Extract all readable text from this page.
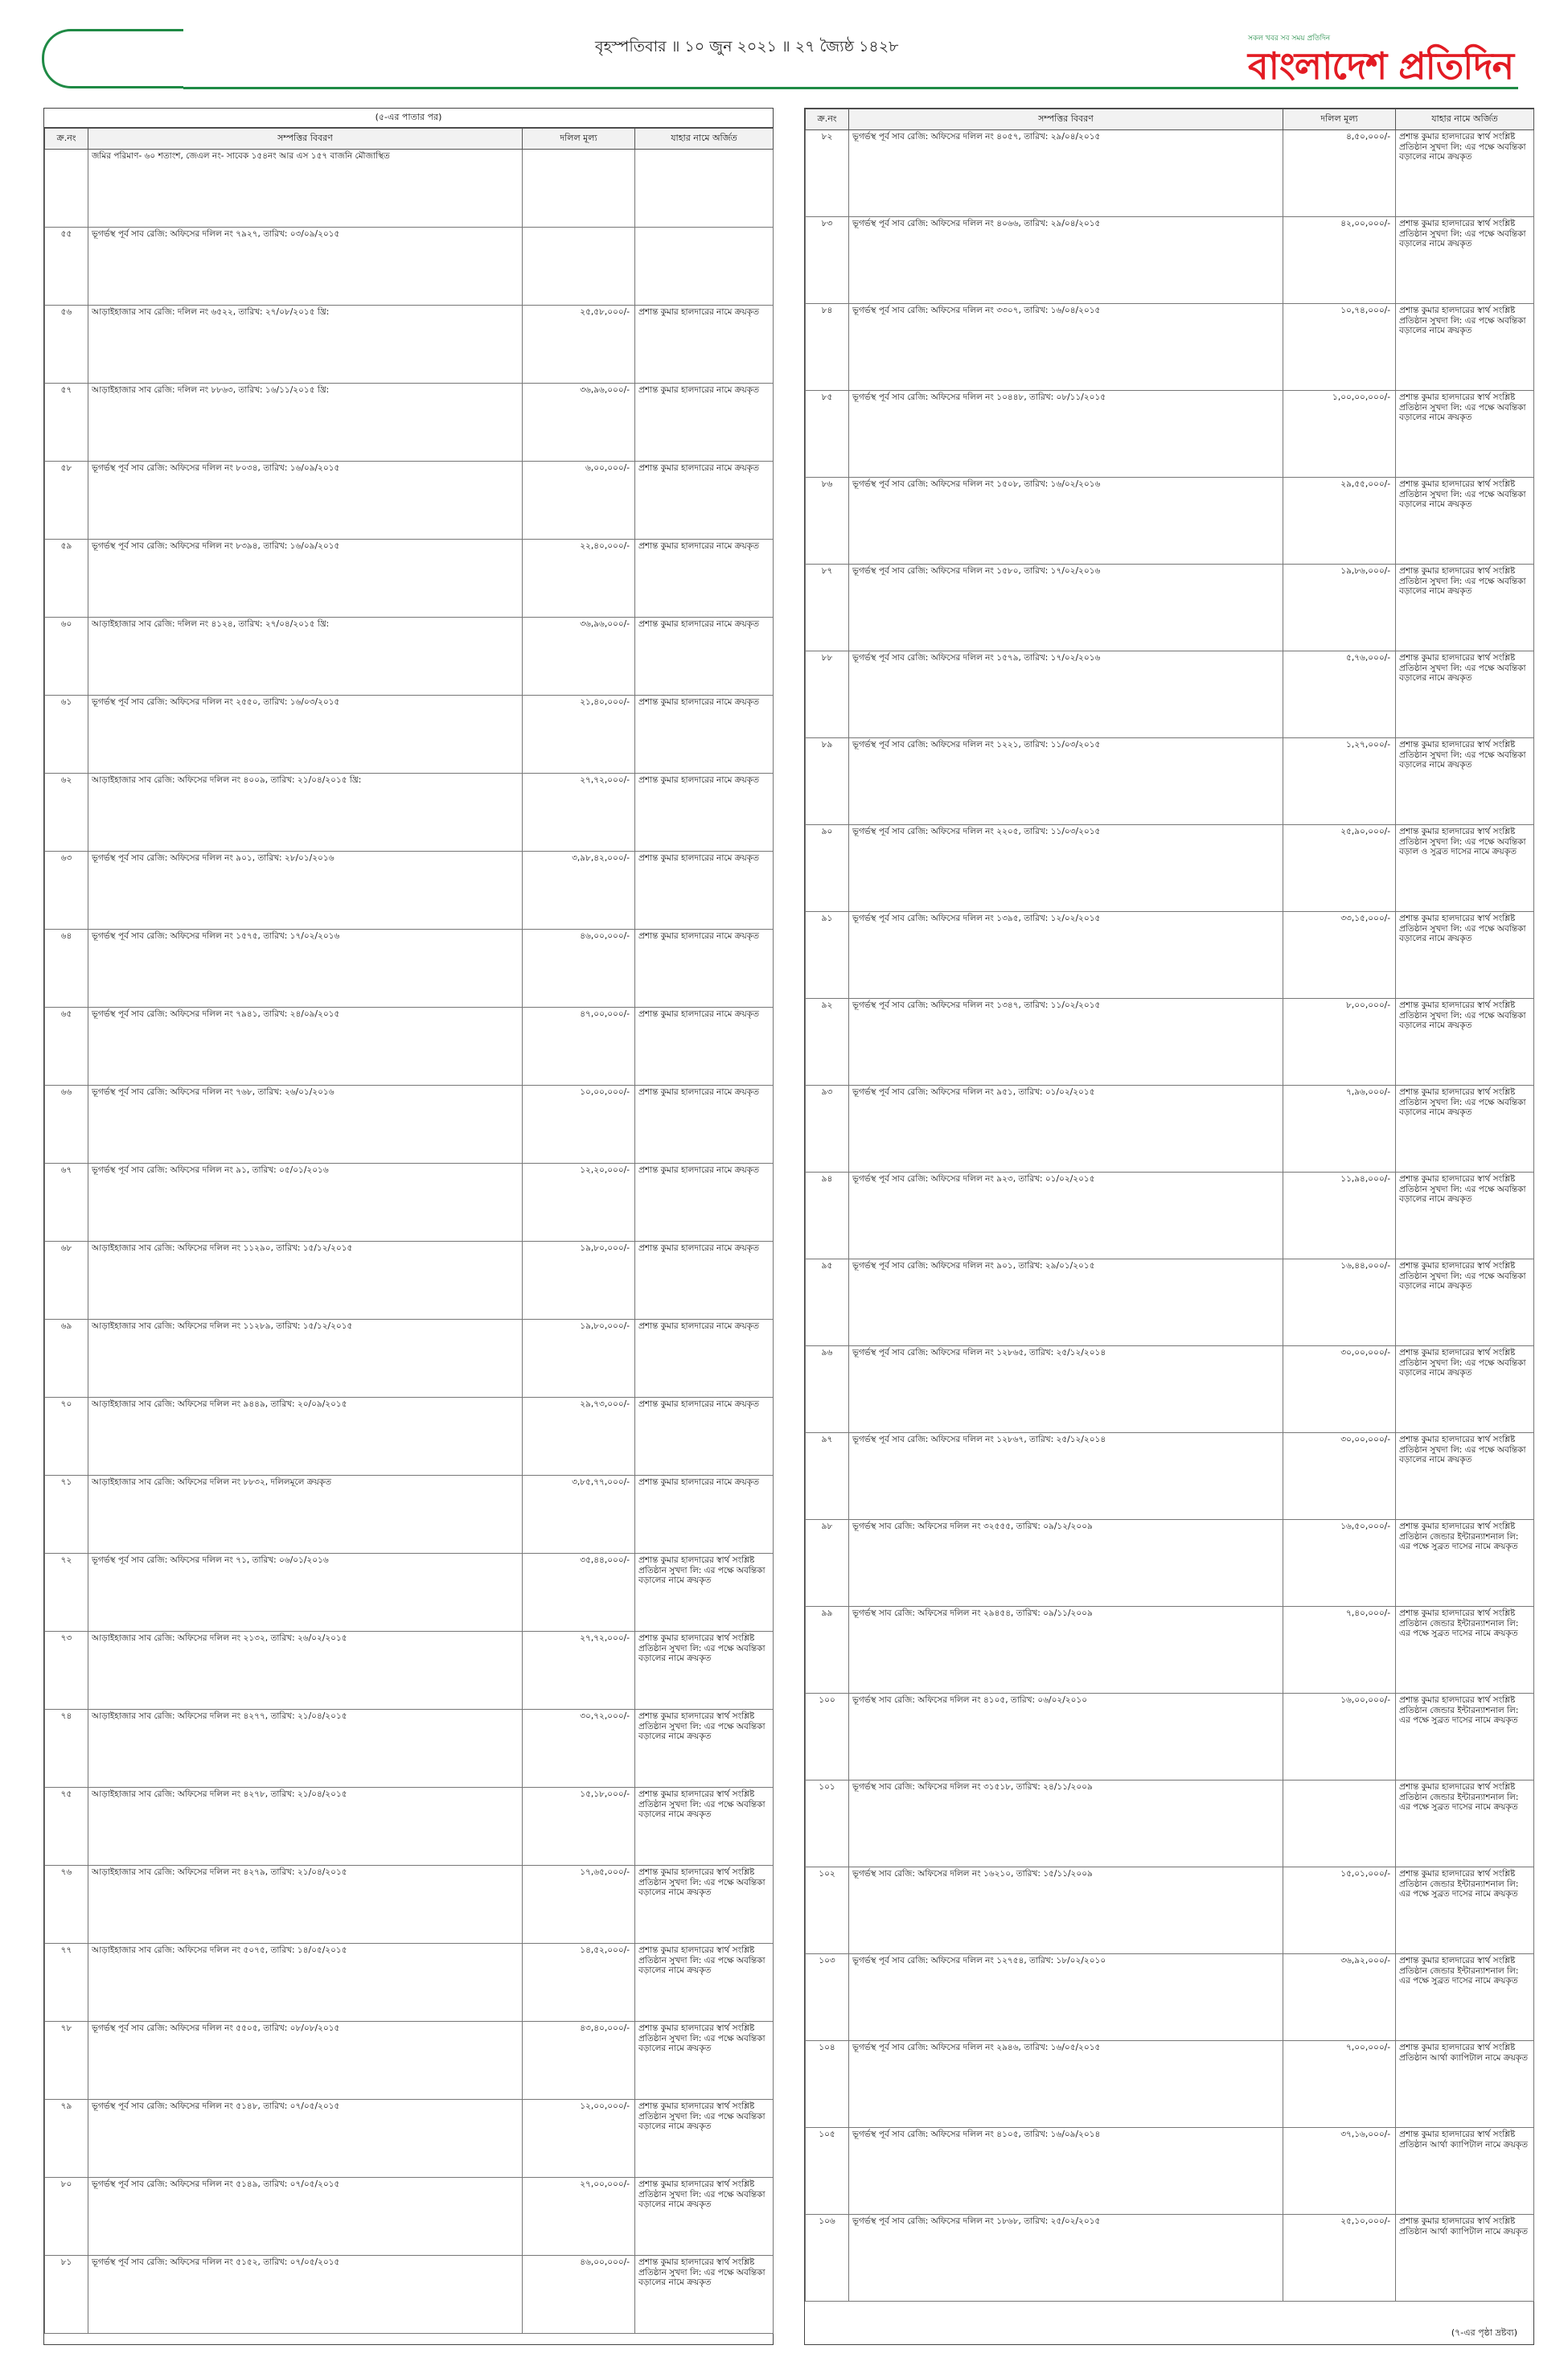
৬	বৃহস্পতিবার ॥ ১০ জুন ২০২১ ॥ ২৭ জ্যৈষ্ঠ ১৪২৮	সকল খবর সব সময় প্রতিদিন
বাংলাদেশ প্রতিদিন
(৫-এর পাতার পর)
ক্র.নং	সম্পত্তির বিবরণ	দলিল মূল্য	যাহার নামে অর্জিত
	জমির পরিমাণ- ৬০ শতাংশ, জেএল নং- সাবেক ১৫৪নং আর এস ১৫৭ বাজনি মৌজাস্থিত		
৫৫	ভূগর্ভস্থ পূর্ব সাব রেজি: অফিসের দলিল নং ৭৯২৭, তারিখ: ০৩/০৯/২০১৫		
৫৬	আড়াইহাজার সাব রেজি: দলিল নং ৬৫২২, তারিখ: ২৭/০৮/২০১৫ খ্রি:	২৫,৫৮,০০০/-	প্রশান্ত কুমার হালদারের নামে ক্রয়কৃত
৫৭	আড়াইহাজার সাব রেজি: দলিল নং ৮৮৬৩, তারিখ: ১৬/১১/২০১৫ খ্রি:	৩৬,৯৬,০০০/-	প্রশান্ত কুমার হালদারের নামে ক্রয়কৃত
৫৮	ভূগর্ভস্থ পূর্ব সাব রেজি: অফিসের দলিল নং ৮০৩৪, তারিখ: ১৬/০৯/২০১৫	৬,০০,০০০/-	প্রশান্ত কুমার হালদারের নামে ক্রয়কৃত
৫৯	ভূগর্ভস্থ পূর্ব সাব রেজি: অফিসের দলিল নং ৮৩৯৪, তারিখ: ১৬/০৯/২০১৫	২২,৪০,০০০/-	প্রশান্ত কুমার হালদারের নামে ক্রয়কৃত
৬০	আড়াইহাজার সাব রেজি: দলিল নং ৪১২৪, তারিখ: ২৭/০৪/২০১৫ খ্রি:	৩৬,৯৬,০০০/-	প্রশান্ত কুমার হালদারের নামে ক্রয়কৃত
৬১	ভূগর্ভস্থ পূর্ব সাব রেজি: অফিসের দলিল নং ২৫৫০, তারিখ: ১৬/০৩/২০১৫	২১,৪০,০০০/-	প্রশান্ত কুমার হালদারের নামে ক্রয়কৃত
৬২	আড়াইহাজার সাব রেজি: অফিসের দলিল নং ৪০০৯, তারিখ: ২১/০৪/২০১৫ খ্রি:	২৭,৭২,০০০/-	প্রশান্ত কুমার হালদারের নামে ক্রয়কৃত
৬৩	ভূগর্ভস্থ পূর্ব সাব রেজি: অফিসের দলিল নং ৯০১, তারিখ: ২৮/০১/২০১৬	৩,৯৮,৪২,০০০/-	প্রশান্ত কুমার হালদারের নামে ক্রয়কৃত
৬৪	ভূগর্ভস্থ পূর্ব সাব রেজি: অফিসের দলিল নং ১৫৭৫, তারিখ: ১৭/০২/২০১৬	৪৬,০০,০০০/-	প্রশান্ত কুমার হালদারের নামে ক্রয়কৃত
৬৫	ভূগর্ভস্থ পূর্ব সাব রেজি: অফিসের দলিল নং ৭৯৪১, তারিখ: ২৪/০৯/২০১৫	৪৭,০০,০০০/-	প্রশান্ত কুমার হালদারের নামে ক্রয়কৃত
৬৬	ভূগর্ভস্থ পূর্ব সাব রেজি: অফিসের দলিল নং ৭৬৮, তারিখ: ২৬/০১/২০১৬	১০,০০,০০০/-	প্রশান্ত কুমার হালদারের নামে ক্রয়কৃত
৬৭	ভূগর্ভস্থ পূর্ব সাব রেজি: অফিসের দলিল নং ৯১, তারিখ: ০৫/০১/২০১৬	১২,২০,০০০/-	প্রশান্ত কুমার হালদারের নামে ক্রয়কৃত
৬৮	আড়াইহাজার সাব রেজি: অফিসের দলিল নং ১১২৯০, তারিখ: ১৫/১২/২০১৫	১৯,৮০,০০০/-	প্রশান্ত কুমার হালদারের নামে ক্রয়কৃত
৬৯	আড়াইহাজার সাব রেজি: অফিসের দলিল নং ১১২৮৯, তারিখ: ১৫/১২/২০১৫	১৯,৮০,০০০/-	প্রশান্ত কুমার হালদারের নামে ক্রয়কৃত
৭০	আড়াইহাজার সাব রেজি: অফিসের দলিল নং ৯৪৪৯, তারিখ: ২০/০৯/২০১৫	২৯,৭৩,০০০/-	প্রশান্ত কুমার হালদারের নামে ক্রয়কৃত
৭১	আড়াইহাজার সাব রেজি: অফিসের দলিল নং ৮৮৩২, দলিলমূলে ক্রয়কৃত	৩,৮৫,৭৭,০০০/-	প্রশান্ত কুমার হালদারের নামে ক্রয়কৃত
৭২	ভূগর্ভস্থ পূর্ব সাব রেজি: অফিসের দলিল নং ৭১, তারিখ: ০৬/০১/২০১৬	৩৫,৪৪,০০০/-	প্রশান্ত কুমার হালদারের স্বার্থ সংশ্লিষ্ট প্রতিষ্ঠান সুখদা লি: এর পক্ষে অবন্তিকা বড়ালের নামে ক্রয়কৃত
৭৩	আড়াইহাজার সাব রেজি: অফিসের দলিল নং ২১৩২, তারিখ: ২৬/০২/২০১৫	২৭,৭২,০০০/-	প্রশান্ত কুমার হালদারের স্বার্থ সংশ্লিষ্ট প্রতিষ্ঠান সুখদা লি: এর পক্ষে অবন্তিকা বড়ালের নামে ক্রয়কৃত
৭৪	আড়াইহাজার সাব রেজি: অফিসের দলিল নং ৪২৭৭, তারিখ: ২১/০৪/২০১৫	৩০,৭২,০০০/-	প্রশান্ত কুমার হালদারের স্বার্থ সংশ্লিষ্ট প্রতিষ্ঠান সুখদা লি: এর পক্ষে অবন্তিকা বড়ালের নামে ক্রয়কৃত
৭৫	আড়াইহাজার সাব রেজি: অফিসের দলিল নং ৪২৭৮, তারিখ: ২১/০৪/২০১৫	১৫,১৮,০০০/-	প্রশান্ত কুমার হালদারের স্বার্থ সংশ্লিষ্ট প্রতিষ্ঠান সুখদা লি: এর পক্ষে অবন্তিকা বড়ালের নামে ক্রয়কৃত
৭৬	আড়াইহাজার সাব রেজি: অফিসের দলিল নং ৪২৭৯, তারিখ: ২১/০৪/২০১৫	১৭,৬৫,০০০/-	প্রশান্ত কুমার হালদারের স্বার্থ সংশ্লিষ্ট প্রতিষ্ঠান সুখদা লি: এর পক্ষে অবন্তিকা বড়ালের নামে ক্রয়কৃত
৭৭	আড়াইহাজার সাব রেজি: অফিসের দলিল নং ৫০৭৫, তারিখ: ১৪/০৫/২০১৫	১৪,৫২,০০০/-	প্রশান্ত কুমার হালদারের স্বার্থ সংশ্লিষ্ট প্রতিষ্ঠান সুখদা লি: এর পক্ষে অবন্তিকা বড়ালের নামে ক্রয়কৃত
৭৮	ভূগর্ভস্থ পূর্ব সাব রেজি: অফিসের দলিল নং ৫৫০৫, তারিখ: ০৮/০৮/২০১৫	৪৩,৪০,০০০/-	প্রশান্ত কুমার হালদারের স্বার্থ সংশ্লিষ্ট প্রতিষ্ঠান সুখদা লি: এর পক্ষে অবন্তিকা বড়ালের নামে ক্রয়কৃত
৭৯	ভূগর্ভস্থ পূর্ব সাব রেজি: অফিসের দলিল নং ৫১৪৮, তারিখ: ০৭/০৫/২০১৫	১২,০০,০০০/-	প্রশান্ত কুমার হালদারের স্বার্থ সংশ্লিষ্ট প্রতিষ্ঠান সুখদা লি: এর পক্ষে অবন্তিকা বড়ালের নামে ক্রয়কৃত
৮০	ভূগর্ভস্থ পূর্ব সাব রেজি: অফিসের দলিল নং ৫১৪৯, তারিখ: ০৭/০৫/২০১৫	২৭,০০,০০০/-	প্রশান্ত কুমার হালদারের স্বার্থ সংশ্লিষ্ট প্রতিষ্ঠান সুখদা লি: এর পক্ষে অবন্তিকা বড়ালের নামে ক্রয়কৃত
৮১	ভূগর্ভস্থ পূর্ব সাব রেজি: অফিসের দলিল নং ৫১৫২, তারিখ: ০৭/০৫/২০১৫	৪৬,০০,০০০/-	প্রশান্ত কুমার হালদারের স্বার্থ সংশ্লিষ্ট প্রতিষ্ঠান সুখদা লি: এর পক্ষে অবন্তিকা বড়ালের নামে ক্রয়কৃত
ক্র.নং	সম্পত্তির বিবরণ	দলিল মূল্য	যাহার নামে অর্জিত
৮২	ভূগর্ভস্থ পূর্ব সাব রেজি: অফিসের দলিল নং ৪০৫৭, তারিখ: ২৯/০৪/২০১৫	৪,৫০,০০০/-	প্রশান্ত কুমার হালদারের স্বার্থ সংশ্লিষ্ট প্রতিষ্ঠান সুখদা লি: এর পক্ষে অবন্তিকা বড়ালের নামে ক্রয়কৃত
৮৩	ভূগর্ভস্থ পূর্ব সাব রেজি: অফিসের দলিল নং ৪০৬৬, তারিখ: ২৯/০৪/২০১৫	৪২,০০,০০০/-	প্রশান্ত কুমার হালদারের স্বার্থ সংশ্লিষ্ট প্রতিষ্ঠান সুখদা লি: এর পক্ষে অবন্তিকা বড়ালের নামে ক্রয়কৃত
৮৪	ভূগর্ভস্থ পূর্ব সাব রেজি: অফিসের দলিল নং ৩৩০৭, তারিখ: ১৬/০৪/২০১৫	১০,৭৪,০০০/-	প্রশান্ত কুমার হালদারের স্বার্থ সংশ্লিষ্ট প্রতিষ্ঠান সুখদা লি: এর পক্ষে অবন্তিকা বড়ালের নামে ক্রয়কৃত
৮৫	ভূগর্ভস্থ পূর্ব সাব রেজি: অফিসের দলিল নং ১০৪৪৮, তারিখ: ০৮/১১/২০১৫	১,০০,০০,০০০/-	প্রশান্ত কুমার হালদারের স্বার্থ সংশ্লিষ্ট প্রতিষ্ঠান সুখদা লি: এর পক্ষে অবন্তিকা বড়ালের নামে ক্রয়কৃত
৮৬	ভূগর্ভস্থ পূর্ব সাব রেজি: অফিসের দলিল নং ১৫০৮, তারিখ: ১৬/০২/২০১৬	২৯,৫৫,০০০/-	প্রশান্ত কুমার হালদারের স্বার্থ সংশ্লিষ্ট প্রতিষ্ঠান সুখদা লি: এর পক্ষে অবন্তিকা বড়ালের নামে ক্রয়কৃত
৮৭	ভূগর্ভস্থ পূর্ব সাব রেজি: অফিসের দলিল নং ১৫৮০, তারিখ: ১৭/০২/২০১৬	১৯,৮৬,০০০/-	প্রশান্ত কুমার হালদারের স্বার্থ সংশ্লিষ্ট প্রতিষ্ঠান সুখদা লি: এর পক্ষে অবন্তিকা বড়ালের নামে ক্রয়কৃত
৮৮	ভূগর্ভস্থ পূর্ব সাব রেজি: অফিসের দলিল নং ১৫৭৯, তারিখ: ১৭/০২/২০১৬	৫,৭৬,০০০/-	প্রশান্ত কুমার হালদারের স্বার্থ সংশ্লিষ্ট প্রতিষ্ঠান সুখদা লি: এর পক্ষে অবন্তিকা বড়ালের নামে ক্রয়কৃত
৮৯	ভূগর্ভস্থ পূর্ব সাব রেজি: অফিসের দলিল নং ১২২১, তারিখ: ১১/০৩/২০১৫	১,২৭,০০০/-	প্রশান্ত কুমার হালদারের স্বার্থ সংশ্লিষ্ট প্রতিষ্ঠান সুখদা লি: এর পক্ষে অবন্তিকা বড়ালের নামে ক্রয়কৃত
৯০	ভূগর্ভস্থ পূর্ব সাব রেজি: অফিসের দলিল নং ২২০৫, তারিখ: ১১/০৩/২০১৫	২৫,৯০,০০০/-	প্রশান্ত কুমার হালদারের স্বার্থ সংশ্লিষ্ট প্রতিষ্ঠান সুখদা লি: এর পক্ষে অবন্তিকা বড়াল ও সুব্রত দাসের নামে ক্রয়কৃত
৯১	ভূগর্ভস্থ পূর্ব সাব রেজি: অফিসের দলিল নং ১৩৯৫, তারিখ: ১২/০২/২০১৫	৩৩,১৫,০০০/-	প্রশান্ত কুমার হালদারের স্বার্থ সংশ্লিষ্ট প্রতিষ্ঠান সুখদা লি: এর পক্ষে অবন্তিকা বড়ালের নামে ক্রয়কৃত
৯২	ভূগর্ভস্থ পূর্ব সাব রেজি: অফিসের দলিল নং ১৩৪৭, তারিখ: ১১/০২/২০১৫	৮,০০,০০০/-	প্রশান্ত কুমার হালদারের স্বার্থ সংশ্লিষ্ট প্রতিষ্ঠান সুখদা লি: এর পক্ষে অবন্তিকা বড়ালের নামে ক্রয়কৃত
৯৩	ভূগর্ভস্থ পূর্ব সাব রেজি: অফিসের দলিল নং ৯৫১, তারিখ: ০১/০২/২০১৫	৭,৯৬,০০০/-	প্রশান্ত কুমার হালদারের স্বার্থ সংশ্লিষ্ট প্রতিষ্ঠান সুখদা লি: এর পক্ষে অবন্তিকা বড়ালের নামে ক্রয়কৃত
৯৪	ভূগর্ভস্থ পূর্ব সাব রেজি: অফিসের দলিল নং ৯২৩, তারিখ: ০১/০২/২০১৫	১১,৯৪,০০০/-	প্রশান্ত কুমার হালদারের স্বার্থ সংশ্লিষ্ট প্রতিষ্ঠান সুখদা লি: এর পক্ষে অবন্তিকা বড়ালের নামে ক্রয়কৃত
৯৫	ভূগর্ভস্থ পূর্ব সাব রেজি: অফিসের দলিল নং ৯০১, তারিখ: ২৯/০১/২০১৫	১৬,৪৪,০০০/-	প্রশান্ত কুমার হালদারের স্বার্থ সংশ্লিষ্ট প্রতিষ্ঠান সুখদা লি: এর পক্ষে অবন্তিকা বড়ালের নামে ক্রয়কৃত
৯৬	ভূগর্ভস্থ পূর্ব সাব রেজি: অফিসের দলিল নং ১২৮৬৫, তারিখ: ২৫/১২/২০১৪	৩০,০০,০০০/-	প্রশান্ত কুমার হালদারের স্বার্থ সংশ্লিষ্ট প্রতিষ্ঠান সুখদা লি: এর পক্ষে অবন্তিকা বড়ালের নামে ক্রয়কৃত
৯৭	ভূগর্ভস্থ পূর্ব সাব রেজি: অফিসের দলিল নং ১২৮৬৭, তারিখ: ২৫/১২/২০১৪	৩০,০০,০০০/-	প্রশান্ত কুমার হালদারের স্বার্থ সংশ্লিষ্ট প্রতিষ্ঠান সুখদা লি: এর পক্ষে অবন্তিকা বড়ালের নামে ক্রয়কৃত
৯৮	ভূগর্ভস্থ সাব রেজি: অফিসের দলিল নং ৩২৫৫৫, তারিখ: ০৯/১২/২০০৯	১৬,৫০,০০০/-	প্রশান্ত কুমার হালদারের স্বার্থ সংশ্লিষ্ট প্রতিষ্ঠান জেন্ডার ইন্টারন্যাশনাল লি: এর পক্ষে সুব্রত দাসের নামে ক্রয়কৃত
৯৯	ভূগর্ভস্থ সাব রেজি: অফিসের দলিল নং ২৯৪৫৪, তারিখ: ০৯/১১/২০০৯	৭,৪০,০০০/-	প্রশান্ত কুমার হালদারের স্বার্থ সংশ্লিষ্ট প্রতিষ্ঠান জেন্ডার ইন্টারন্যাশনাল লি: এর পক্ষে সুব্রত দাসের নামে ক্রয়কৃত
১০০	ভূগর্ভস্থ সাব রেজি: অফিসের দলিল নং ৪১০৫, তারিখ: ০৬/০২/২০১০	১৬,০০,০০০/-	প্রশান্ত কুমার হালদারের স্বার্থ সংশ্লিষ্ট প্রতিষ্ঠান জেন্ডার ইন্টারন্যাশনাল লি: এর পক্ষে সুব্রত দাসের নামে ক্রয়কৃত
১০১	ভূগর্ভস্থ সাব রেজি: অফিসের দলিল নং ৩১৫১৮, তারিখ: ২৪/১১/২০০৯		প্রশান্ত কুমার হালদারের স্বার্থ সংশ্লিষ্ট প্রতিষ্ঠান জেন্ডার ইন্টারন্যাশনাল লি: এর পক্ষে সুব্রত দাসের নামে ক্রয়কৃত
১০২	ভূগর্ভস্থ সাব রেজি: অফিসের দলিল নং ১৬২১০, তারিখ: ১৫/১১/২০০৯	১৫,০১,০০০/-	প্রশান্ত কুমার হালদারের স্বার্থ সংশ্লিষ্ট প্রতিষ্ঠান জেন্ডার ইন্টারন্যাশনাল লি: এর পক্ষে সুব্রত দাসের নামে ক্রয়কৃত
১০৩	ভূগর্ভস্থ পূর্ব সাব রেজি: অফিসের দলিল নং ১২৭৫৪, তারিখ: ১৮/০২/২০১০	৩৬,৯২,০০০/-	প্রশান্ত কুমার হালদারের স্বার্থ সংশ্লিষ্ট প্রতিষ্ঠান জেন্ডার ইন্টারন্যাশনাল লি: এর পক্ষে সুব্রত দাসের নামে ক্রয়কৃত
১০৪	ভূগর্ভস্থ পূর্ব সাব রেজি: অফিসের দলিল নং ২৯৪৬, তারিখ: ১৬/০৫/২০১৫	৭,০০,০০০/-	প্রশান্ত কুমার হালদারের স্বার্থ সংশ্লিষ্ট প্রতিষ্ঠান আর্থা ক্যাপিটাল নামে ক্রয়কৃত
১০৫	ভূগর্ভস্থ পূর্ব সাব রেজি: অফিসের দলিল নং ৪১০৫, তারিখ: ১৬/০৯/২০১৪	৩৭,১৬,০০০/-	প্রশান্ত কুমার হালদারের স্বার্থ সংশ্লিষ্ট প্রতিষ্ঠান আর্থা ক্যাপিটাল নামে ক্রয়কৃত
১০৬	ভূগর্ভস্থ পূর্ব সাব রেজি: অফিসের দলিল নং ১৮৬৮, তারিখ: ২৫/০২/২০১৫	২৫,১০,০০০/-	প্রশান্ত কুমার হালদারের স্বার্থ সংশ্লিষ্ট প্রতিষ্ঠান আর্থা ক্যাপিটাল নামে ক্রয়কৃত
(৭-এর পৃষ্ঠা দ্রষ্টব্য)
